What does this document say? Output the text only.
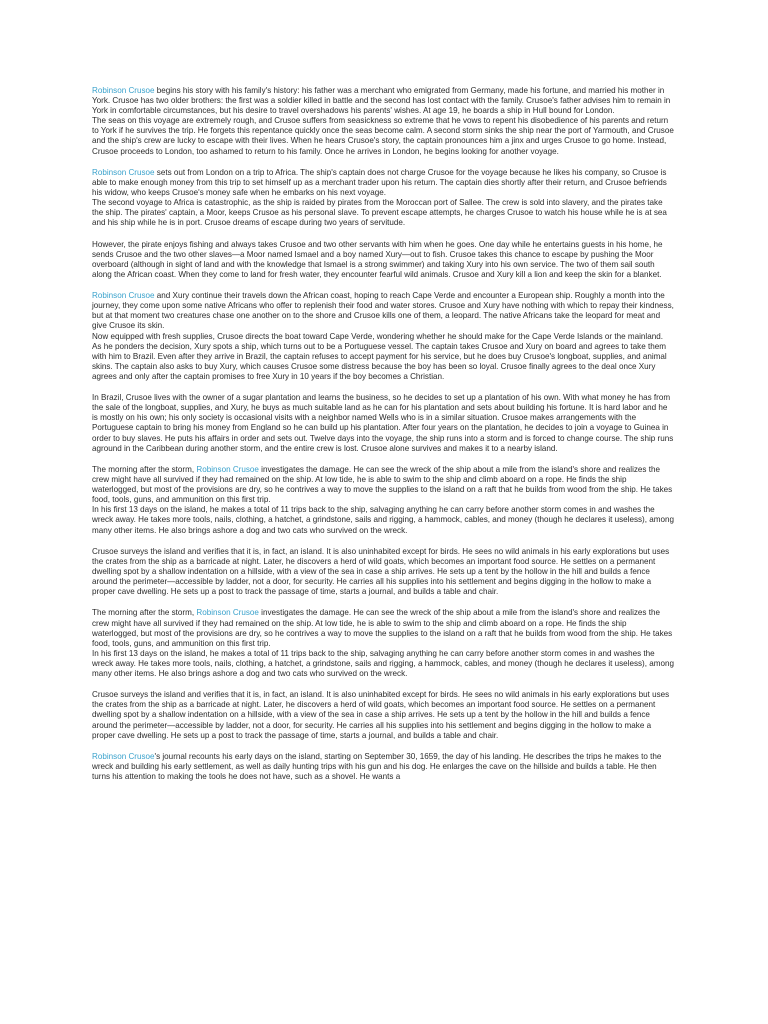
Robinson Crusoe begins his story with his family's history: his father was a merchant who emigrated from Germany, made his fortune, and married his mother in York. Crusoe has two older brothers: the first was a soldier killed in battle and the second has lost contact with the family. Crusoe's father advises him to remain in York in comfortable circumstances, but his desire to travel overshadows his parents' wishes. At age 19, he boards a ship in Hull bound for London.
The seas on this voyage are extremely rough, and Crusoe suffers from seasickness so extreme that he vows to repent his disobedience of his parents and return to York if he survives the trip. He forgets this repentance quickly once the seas become calm. A second storm sinks the ship near the port of Yarmouth, and Crusoe and the ship's crew are lucky to escape with their lives. When he hears Crusoe's story, the captain pronounces him a jinx and urges Crusoe to go home. Instead, Crusoe proceeds to London, too ashamed to return to his family. Once he arrives in London, he begins looking for another voyage.
Robinson Crusoe sets out from London on a trip to Africa. The ship's captain does not charge Crusoe for the voyage because he likes his company, so Crusoe is able to make enough money from this trip to set himself up as a merchant trader upon his return. The captain dies shortly after their return, and Crusoe befriends his widow, who keeps Crusoe's money safe when he embarks on his next voyage.
The second voyage to Africa is catastrophic, as the ship is raided by pirates from the Moroccan port of Sallee. The crew is sold into slavery, and the pirates take the ship. The pirates' captain, a Moor, keeps Crusoe as his personal slave. To prevent escape attempts, he charges Crusoe to watch his house while he is at sea and his ship while he is in port. Crusoe dreams of escape during two years of servitude.
However, the pirate enjoys fishing and always takes Crusoe and two other servants with him when he goes. One day while he entertains guests in his home, he sends Crusoe and the two other slaves—a Moor named Ismael and a boy named Xury—out to fish. Crusoe takes this chance to escape by pushing the Moor overboard (although in sight of land and with the knowledge that Ismael is a strong swimmer) and taking Xury into his own service. The two of them sail south along the African coast. When they come to land for fresh water, they encounter fearful wild animals. Crusoe and Xury kill a lion and keep the skin for a blanket.
Robinson Crusoe and Xury continue their travels down the African coast, hoping to reach Cape Verde and encounter a European ship. Roughly a month into the journey, they come upon some native Africans who offer to replenish their food and water stores. Crusoe and Xury have nothing with which to repay their kindness, but at that moment two creatures chase one another on to the shore and Crusoe kills one of them, a leopard. The native Africans take the leopard for meat and give Crusoe its skin.
Now equipped with fresh supplies, Crusoe directs the boat toward Cape Verde, wondering whether he should make for the Cape Verde Islands or the mainland. As he ponders the decision, Xury spots a ship, which turns out to be a Portuguese vessel. The captain takes Crusoe and Xury on board and agrees to take them with him to Brazil. Even after they arrive in Brazil, the captain refuses to accept payment for his service, but he does buy Crusoe's longboat, supplies, and animal skins. The captain also asks to buy Xury, which causes Crusoe some distress because the boy has been so loyal. Crusoe finally agrees to the deal once Xury agrees and only after the captain promises to free Xury in 10 years if the boy becomes a Christian.
In Brazil, Crusoe lives with the owner of a sugar plantation and learns the business, so he decides to set up a plantation of his own. With what money he has from the sale of the longboat, supplies, and Xury, he buys as much suitable land as he can for his plantation and sets about building his fortune. It is hard labor and he is mostly on his own; his only society is occasional visits with a neighbor named Wells who is in a similar situation. Crusoe makes arrangements with the Portuguese captain to bring his money from England so he can build up his plantation. After four years on the plantation, he decides to join a voyage to Guinea in order to buy slaves. He puts his affairs in order and sets out. Twelve days into the voyage, the ship runs into a storm and is forced to change course. The ship runs aground in the Caribbean during another storm, and the entire crew is lost. Crusoe alone survives and makes it to a nearby island.
The morning after the storm, Robinson Crusoe investigates the damage. He can see the wreck of the ship about a mile from the island's shore and realizes the crew might have all survived if they had remained on the ship. At low tide, he is able to swim to the ship and climb aboard on a rope. He finds the ship waterlogged, but most of the provisions are dry, so he contrives a way to move the supplies to the island on a raft that he builds from wood from the ship. He takes food, tools, guns, and ammunition on this first trip.
In his first 13 days on the island, he makes a total of 11 trips back to the ship, salvaging anything he can carry before another storm comes in and washes the wreck away. He takes more tools, nails, clothing, a hatchet, a grindstone, sails and rigging, a hammock, cables, and money (though he declares it useless), among many other items. He also brings ashore a dog and two cats who survived on the wreck.
Crusoe surveys the island and verifies that it is, in fact, an island. It is also uninhabited except for birds. He sees no wild animals in his early explorations but uses the crates from the ship as a barricade at night. Later, he discovers a herd of wild goats, which becomes an important food source. He settles on a permanent dwelling spot by a shallow indentation on a hillside, with a view of the sea in case a ship arrives. He sets up a tent by the hollow in the hill and builds a fence around the perimeter—accessible by ladder, not a door, for security. He carries all his supplies into his settlement and begins digging in the hollow to make a proper cave dwelling. He sets up a post to track the passage of time, starts a journal, and builds a table and chair.
The morning after the storm, Robinson Crusoe investigates the damage. He can see the wreck of the ship about a mile from the island's shore and realizes the crew might have all survived if they had remained on the ship. At low tide, he is able to swim to the ship and climb aboard on a rope. He finds the ship waterlogged, but most of the provisions are dry, so he contrives a way to move the supplies to the island on a raft that he builds from wood from the ship. He takes food, tools, guns, and ammunition on this first trip.
In his first 13 days on the island, he makes a total of 11 trips back to the ship, salvaging anything he can carry before another storm comes in and washes the wreck away. He takes more tools, nails, clothing, a hatchet, a grindstone, sails and rigging, a hammock, cables, and money (though he declares it useless), among many other items. He also brings ashore a dog and two cats who survived on the wreck.
Crusoe surveys the island and verifies that it is, in fact, an island. It is also uninhabited except for birds. He sees no wild animals in his early explorations but uses the crates from the ship as a barricade at night. Later, he discovers a herd of wild goats, which becomes an important food source. He settles on a permanent dwelling spot by a shallow indentation on a hillside, with a view of the sea in case a ship arrives. He sets up a tent by the hollow in the hill and builds a fence around the perimeter—accessible by ladder, not a door, for security. He carries all his supplies into his settlement and begins digging in the hollow to make a proper cave dwelling. He sets up a post to track the passage of time, starts a journal, and builds a table and chair.
Robinson Crusoe's journal recounts his early days on the island, starting on September 30, 1659, the day of his landing. He describes the trips he makes to the wreck and building his early settlement, as well as daily hunting trips with his gun and his dog. He enlarges the cave on the hillside and builds a table. He then turns his attention to making the tools he does not have, such as a shovel. He wants a
